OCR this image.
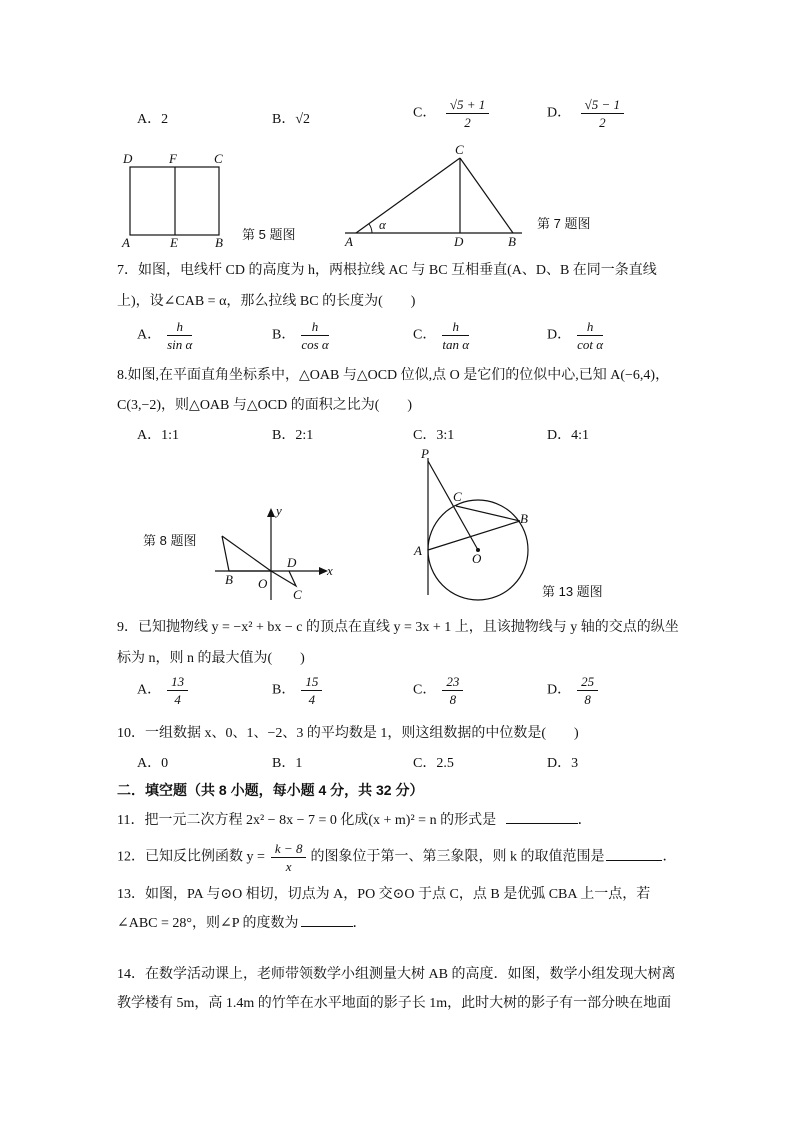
A．2	B．√2	C． $\frac{√5 + 1}{2}$	D． $\frac{√5 - 1}{2}$
D	F	C
A	E	B
第 5 题图
C
α
A	D	B
第 7 题图
7．如图，电线杆 CD 的高度为 h，两根拉线 AC 与 BC 互相垂直(A、D、B 在同一条直线
上)，设∠CAB = α，那么拉线 BC 的长度为(　　)
A． $\frac{h}{\text{sin α}}$	B． $\frac{h}{\text{cos α}}$	C． $\frac{h}{\text{tan α}}$	D． $\frac{h}{\text{cot α}}$
8.如图,在平面直角坐标系中，△OAB 与△OCD 位似,点 O 是它们的位似中心,已知 A(−6,4)，
C(3,−2)，则△OAB 与△OCD 的面积之比为(　　)
A．1:1	B．2:1	C．3:1	D．4:1
第 8 题图
y
x
B O
D
C
P
C
B
A
O
第 13 题图
9．已知抛物线 y = −x² + bx − c 的顶点在直线 y = 3x + 1 上，且该抛物线与 y 轴的交点的纵坐
标为 n，则 n 的最大值为(　　)
A． $\frac{13}{4}$	B． $\frac{15}{4}$	C． $\frac{23}{8}$	D． $\frac{25}{8}$
10．一组数据 x、0、1、−2、3 的平均数是 1，则这组数据的中位数是(　　)
A．0	B．1	C．2.5	D．3
二．填空题（共 8 小题，每小题 4 分，共 32 分）
11．把一元二次方程 2x² − 8x − 7 = 0 化成(x + m)² = n 的形式是	．
12．已知反比例函数 $y = \frac{k - 8}{x}$ 的图象位于第一、第三象限，则 k 的取值范围是	．
13．如图，PA 与⊙O 相切，切点为 A，PO 交⊙O 于点 C，点 B 是优弧 CBA 上一点，若
∠ABC = 28°，则∠P 的度数为	．
14．在数学活动课上，老师带领数学小组测量大树 AB 的高度．如图，数学小组发现大树离
教学楼有 5m，高 1.4m 的竹竿在水平地面的影子长 1m，此时大树的影子有一部分映在地面
